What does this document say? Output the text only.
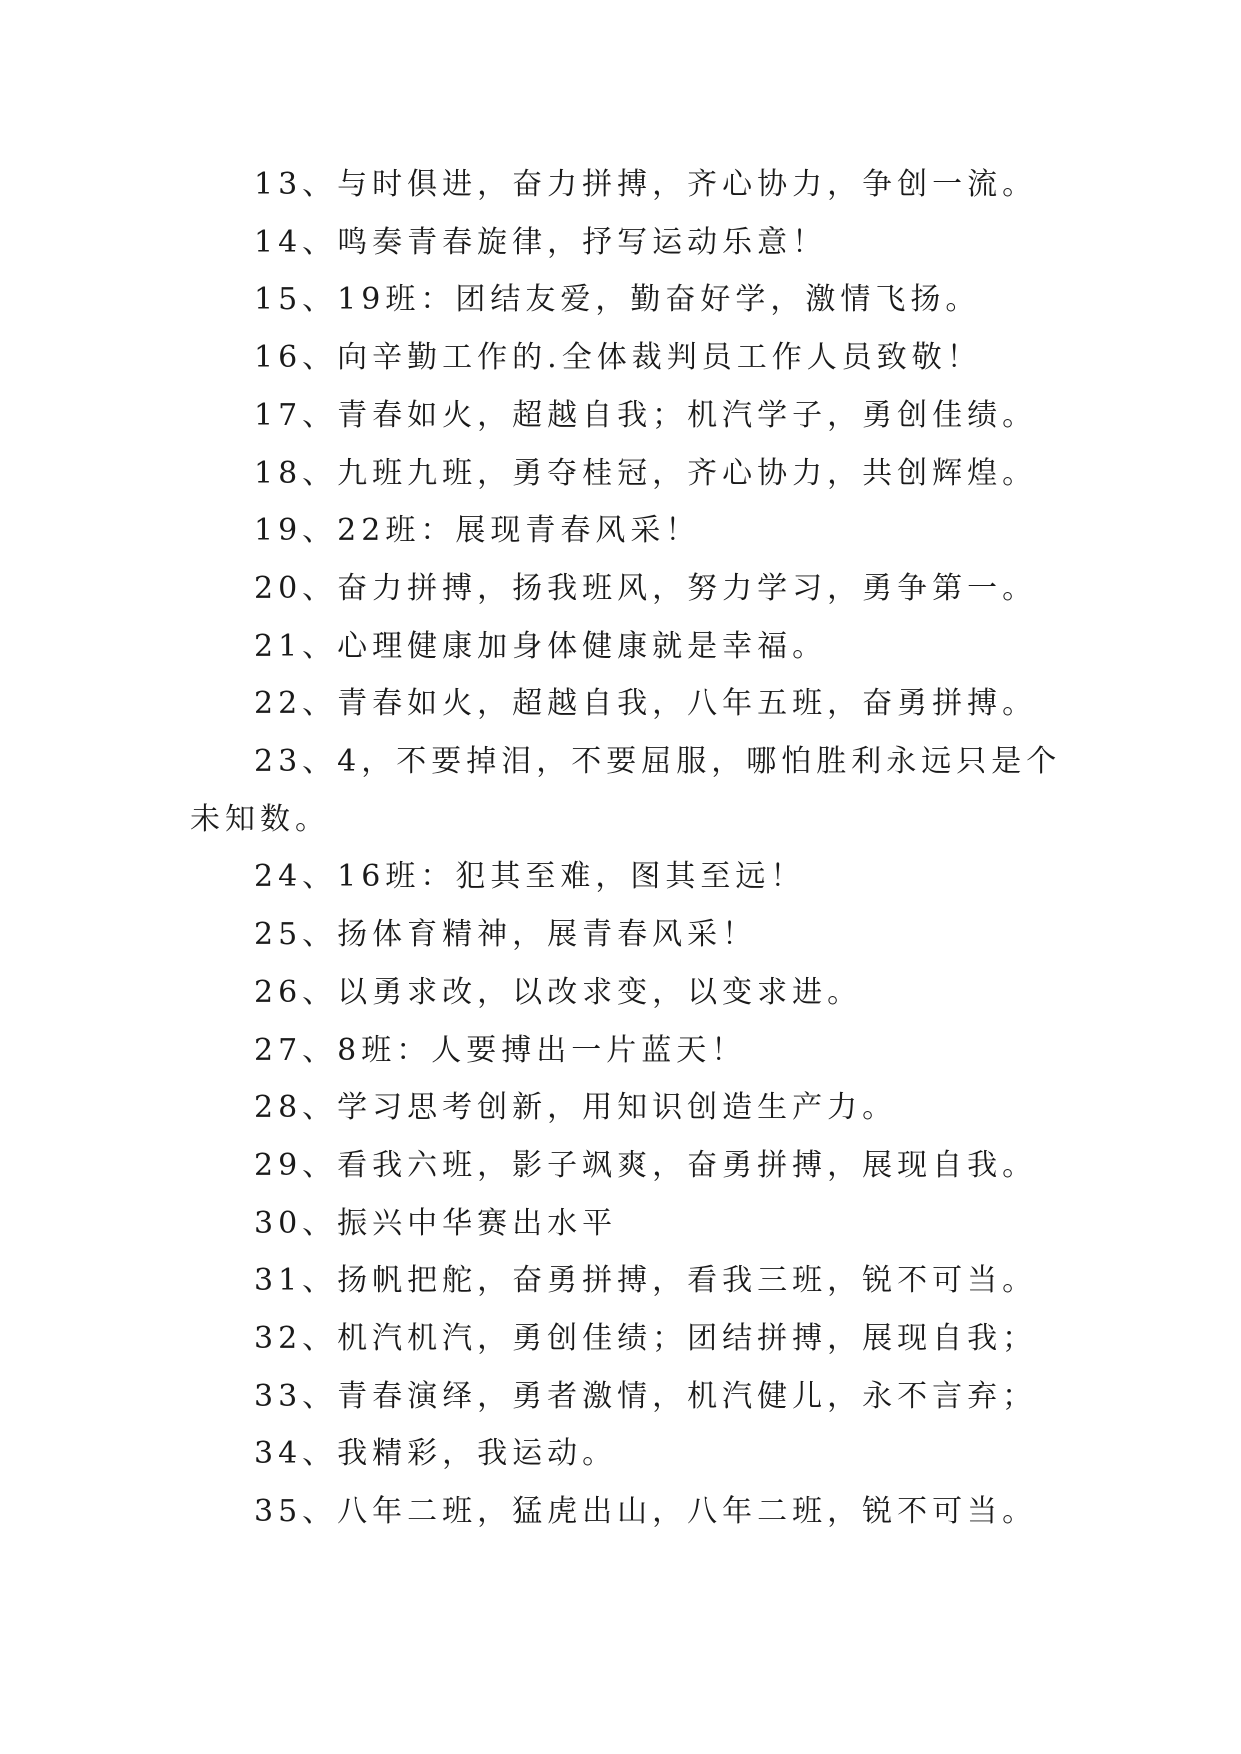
13、与时俱进，奋力拼搏，齐心协力，争创一流。

14、鸣奏青春旋律，抒写运动乐意！

15、19班：团结友爱，勤奋好学，激情飞扬。

16、向辛勤工作的.全体裁判员工作人员致敬！

17、青春如火，超越自我；机汽学子，勇创佳绩。

18、九班九班，勇夺桂冠，齐心协力，共创辉煌。

19、22班：展现青春风采！

20、奋力拼搏，扬我班风，努力学习，勇争第一。

21、心理健康加身体健康就是幸福。

22、青春如火，超越自我，八年五班，奋勇拼搏。

23、4，不要掉泪，不要屈服，哪怕胜利永远只是个未知数。

24、16班：犯其至难，图其至远！

25、扬体育精神，展青春风采！

26、以勇求改，以改求变，以变求进。

27、8班：人要搏出一片蓝天！

28、学习思考创新，用知识创造生产力。

29、看我六班，影子飒爽，奋勇拼搏，展现自我。

30、振兴中华赛出水平

31、扬帆把舵，奋勇拼搏，看我三班，锐不可当。

32、机汽机汽，勇创佳绩；团结拼搏，展现自我；

33、青春演绎，勇者激情，机汽健儿，永不言弃；

34、我精彩，我运动。

35、八年二班，猛虎出山，八年二班，锐不可当。
